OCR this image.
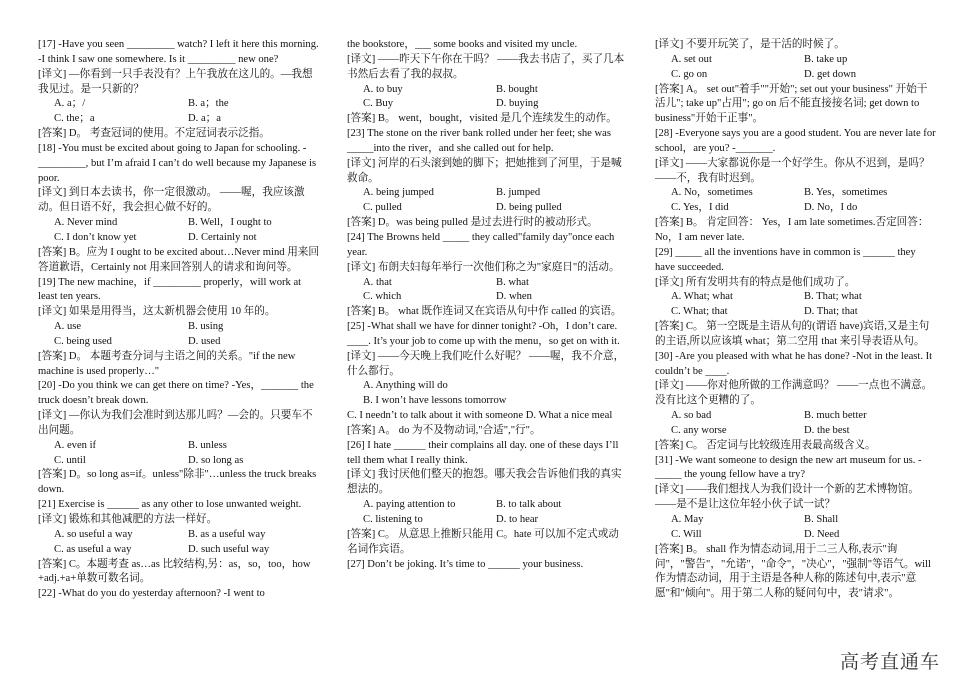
[17] -Have you seen _________ watch? I left it here this morning. -I think I saw one somewhere. Is it _________ new one?
[译文] —你看到一只手表没有？上午我放在这儿的。—我想我见过。是一只新的？
A. a；/	B. a；the
C. the；a	D. a；a
[答案] D。 考查冠词的使用。不定冠词表示泛指。
[18] -You must be excited about going to Japan for schooling. -_________, but I’m afraid I can’t do well because my Japanese is poor.
[译文] 到日本去读书，你一定很激动。 ——喔，我应该激动。但日语不好，我会担心做不好的。
A. Never mind	B. Well，I ought to
C. I don’t know yet	D. Certainly not
[答案] B。应为 I ought to be excited about…Never mind 用来回答道歉语，Certainly not 用来回答别人的请求和询问等。
[19] The new machine，if _________ properly，will work at least ten years.
[译文] 如果是用得当，这太新机器会使用 10 年的。
A. use	B. using
C. being used	D. used
[答案] D。 本题考查分词与主语之间的关系。"if the new machine is used properly…"
[20] -Do you think we can get there on time? -Yes，_______ the truck doesn’t break down.
[译文] —你认为我们会准时到达那儿吗？—会的。只要车不出问题。
A. even if	B. unless
C. until	D. so long as
[答案] D。so long as=if。unless"除非"…unless the truck breaks down.
[21] Exercise is ______ as any other to lose unwanted weight.
[译文] 锻炼和其他减肥的方法一样好。
A. so useful a way	B. as a useful way
C. as useful a way	D. such useful way
[答案] C。本题考查 as…as 比较结构,另：as，so，too，how +adj.+a+单数可数名词。
[22] -What do you do yesterday afternoon? -I went to
the bookstore，___ some books and visited my uncle.
[译文] ——昨天下午你在干吗？ ——我去书店了，买了几本书然后去看了我的叔叔。
A. to buy	B. bought
C. Buy	D. buying
[答案] B。 went，bought，visited 是几个连续发生的动作。
[23] The stone on the river bank rolled under her feet; she was _____into the river，and she called out for help.
[译文] 河岸的石头滚到她的脚下；把她推到了河里，于是喊救命。
A. being jumped	B. jumped
C. pulled	D. being pulled
[答案] D。was being pulled 是过去进行时的被动形式。
[24] The Browns held _____ they called"family day"once each year.
[译文] 布朗夫妇每年举行一次他们称之为"家庭日"的活动。
A. that	B. what
C. which	D. when
[答案] B。 what 既作连词又在宾语从句中作 called 的宾语。
[25] -What shall we have for dinner tonight? -Oh，I don’t care. ____. It’s your job to come up with the menu，so get on with it.
[译文] ——今天晚上我们吃什么好呢？ ——喔，我不介意，什么都行。
A. Anything will do
B. I won’t have lessons tomorrow
C. I needn’t to talk about it with someone D. What a nice meal
[答案] A。 do 为不及物动词,"合适","行"。
[26] I hate ______ their complains all day. one of these days I’ll tell them what I really think.
[译文] 我讨厌他们整天的抱怨。哪天我会告诉他们我的真实想法的。
A. paying attention to	B. to talk about
C. listening to	D. to hear
[答案] C。 从意思上推断只能用 C。hate 可以加不定式或动名词作宾语。
[27] Don’t be joking. It’s time to ______ your business.
[译文] 不要开玩笑了，是干活的时候了。
A. set out	B. take up
C. go on	D. get down
[答案] A。 set out"着手""开始"; set out your business" 开始干活儿"; take up"占用"; go on 后不能直接接名词; get down to business"开始干正事"。
[28] -Everyone says you are a good student. You are never late for school，are you? -_______.
[译文] ——大家都说你是一个好学生。你从不迟到，是吗？——不，我有时迟到。
A. No，sometimes	B. Yes，sometimes
C. Yes，I did	D. No，I do
[答案] B。 肯定回答： Yes，I am late sometimes.否定回答： No，I am never late.
[29] _____ all the inventions have in common is ______ they have succeeded.
[译文] 所有发明共有的特点是他们成功了。
A. What; what	B. That; what
C. What; that	D. That; that
[答案] C。 第一空既是主语从句的(谓语 have)宾语,又是主句的主语,所以应该填 what；第二空用 that 来引导表语从句。
[30] -Are you pleased with what he has done? -Not in the least. It couldn’t be ____.
[译文] ——你对他所做的工作满意吗？ ——一点也不满意。没有比这个更糟的了。
A. so bad	B. much better
C. any worse	D. the best
[答案] C。 否定词与比较级连用表最高级含义。
[31] -We want someone to design the new art museum for us. -_____ the young fellow have a try?
[译文] ——我们想找人为我们设计一个新的艺术博物馆。——是不是让这位年轻小伙子试一试？
A. May	B. Shall
C. Will	D. Need
[答案] B。 shall 作为情态动词,用于二三人称,表示"询问"，"警告"，"允诺"，"命令"，"决心"，"强制"等语气。will 作为情态动词，用于主语是各种人称的陈述句中,表示"意愿"和"倾向"。用于第二人称的疑问句中，表"请求"。
高考直通车
